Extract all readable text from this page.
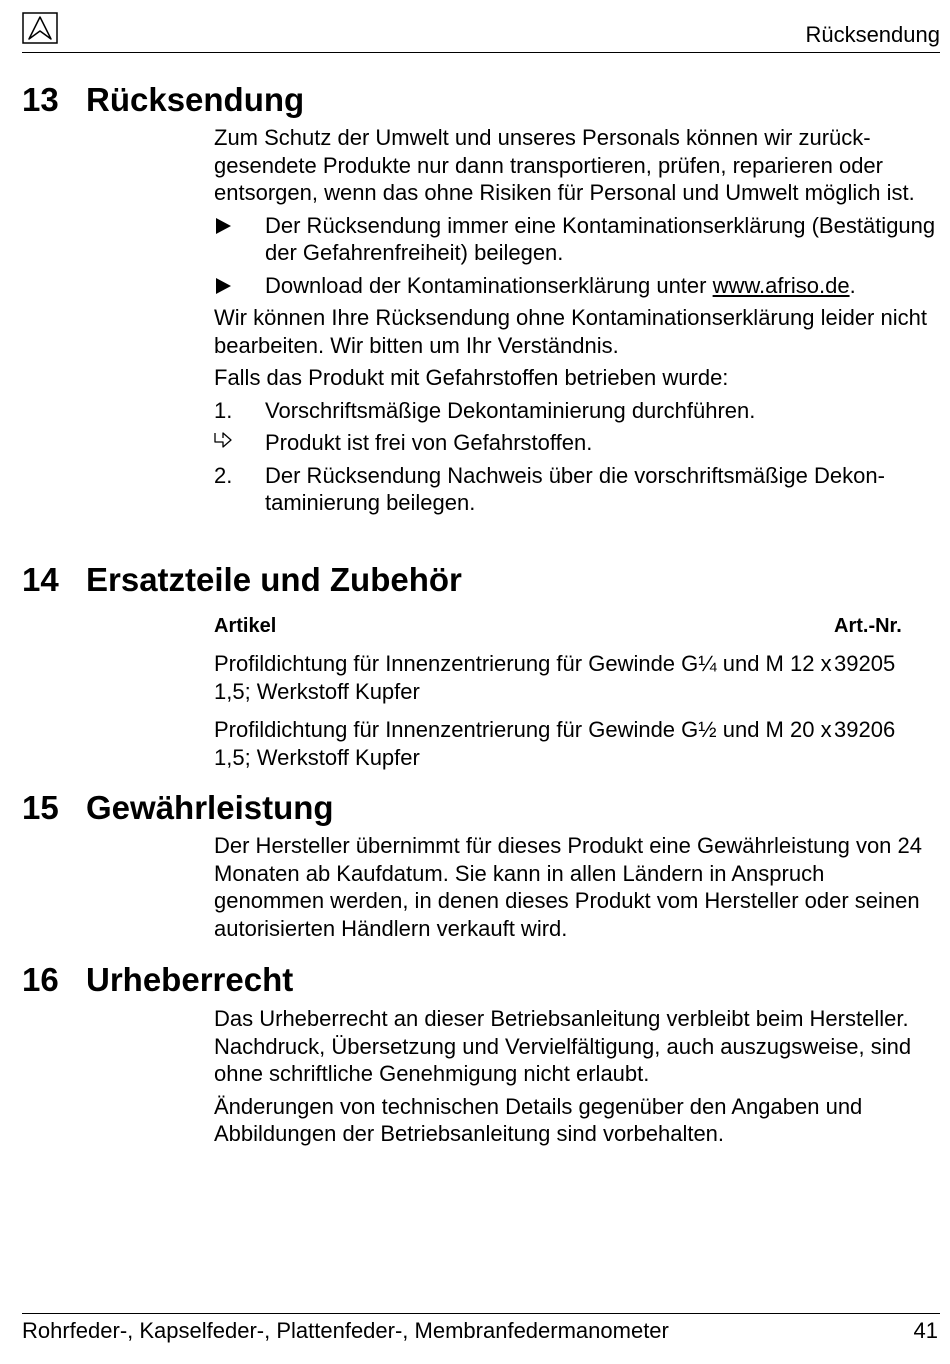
Rücksendung
13 Rücksendung

Zum Schutz der Umwelt und unseres Personals können wir zurückgesendete Produkte nur dann transportieren, prüfen, reparieren oder entsorgen, wenn das ohne Risiken für Personal und Umwelt möglich ist.

Der Rücksendung immer eine Kontaminationserklärung (Bestätigung der Gefahrenfreiheit) beilegen.
Download der Kontaminationserklärung unter www.afriso.de.

Wir können Ihre Rücksendung ohne Kontaminationserklärung leider nicht bearbeiten. Wir bitten um Ihr Verständnis.

Falls das Produkt mit Gefahrstoffen betrieben wurde:

1. Vorschriftsmäßige Dekontaminierung durchführen.
Produkt ist frei von Gefahrstoffen.
2. Der Rücksendung Nachweis über die vorschriftsmäßige Dekontaminierung beilegen.
14 Ersatzteile und Zubehör
Artikel	Art.-Nr.
Profildichtung für Innenzentrierung für Gewinde G¼ und M 12 x 1,5; Werkstoff Kupfer	39205
Profildichtung für Innenzentrierung für Gewinde G½ und M 20 x 1,5; Werkstoff Kupfer	39206
15 Gewährleistung

Der Hersteller übernimmt für dieses Produkt eine Gewährleistung von 24 Monaten ab Kaufdatum. Sie kann in allen Ländern in Anspruch genommen werden, in denen dieses Produkt vom Hersteller oder seinen autorisierten Händlern verkauft wird.

16 Urheberrecht

Das Urheberrecht an dieser Betriebsanleitung verbleibt beim Hersteller. Nachdruck, Übersetzung und Vervielfältigung, auch auszugsweise, sind ohne schriftliche Genehmigung nicht erlaubt.

Änderungen von technischen Details gegenüber den Angaben und Abbildungen der Betriebsanleitung sind vorbehalten.

Rohrfeder-, Kapselfeder-, Plattenfeder-, Membranfedermanometer	41
